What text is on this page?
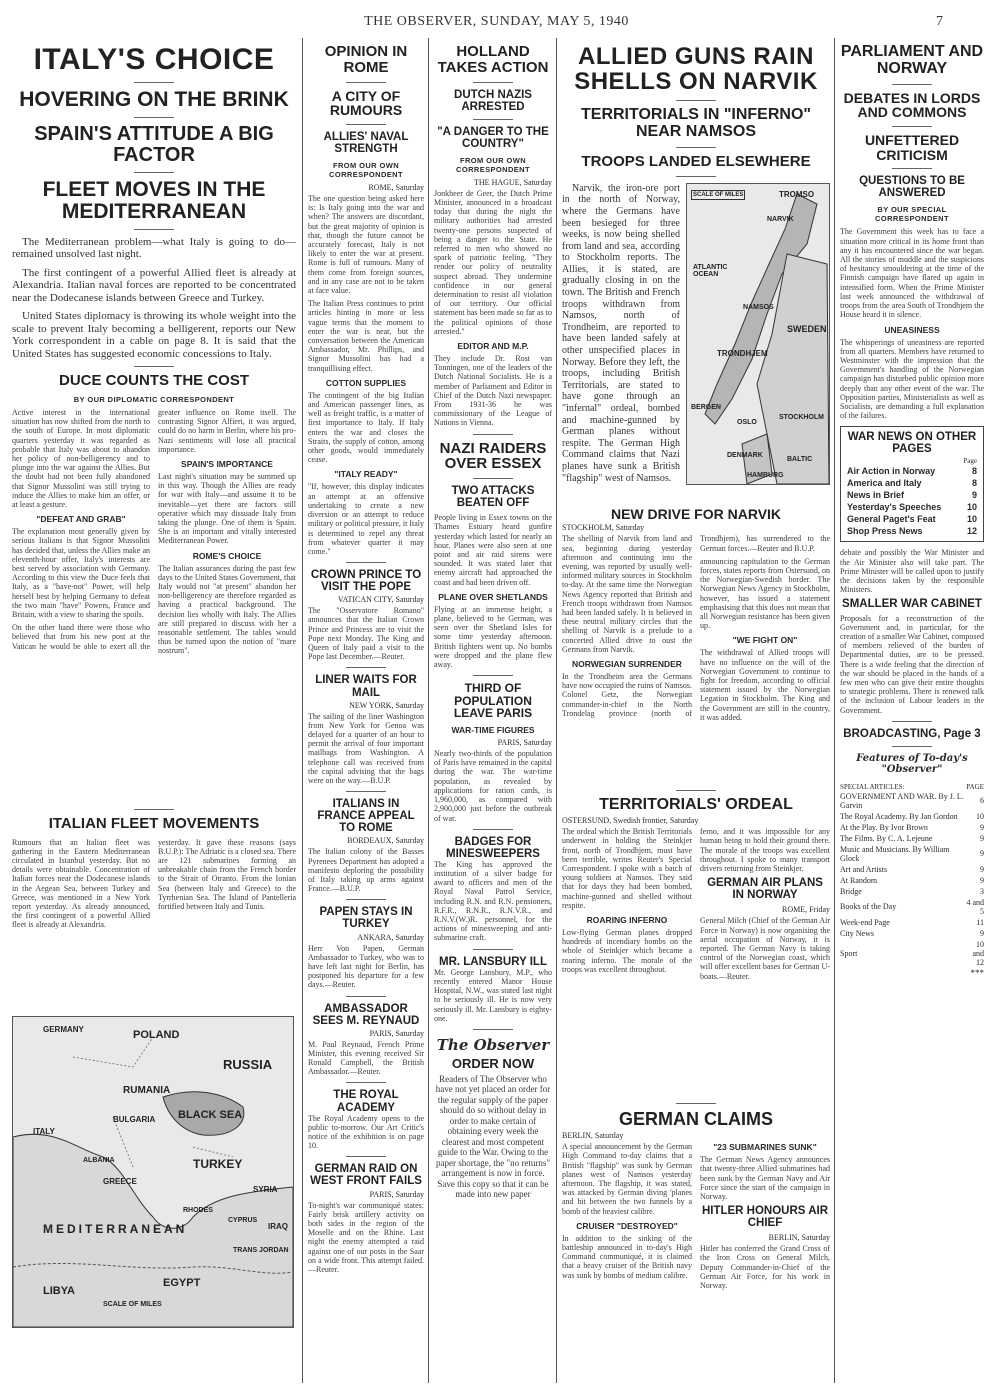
THE OBSERVER, SUNDAY, MAY 5, 1940	7
ITALY'S CHOICE
HOVERING ON THE BRINK
SPAIN'S ATTITUDE A BIG FACTOR
FLEET MOVES IN THE MEDITERRANEAN

The Mediterranean problem—what Italy is going to do—remained unsolved last night.

The first contingent of a powerful Allied fleet is already at Alexandria. Italian naval forces are reported to be concentrated near the Dodecanese islands between Greece and Turkey.

United States diplomacy is throwing its whole weight into the scale to prevent Italy becoming a belligerent, reports our New York correspondent in a cable on page 8. It is said that the United States has suggested economic concessions to Italy.

DUCE COUNTS THE COST
BY OUR DIPLOMATIC CORRESPONDENT

Active interest in the international situation has now shifted from the north to the south of Europe. In most diplomatic quarters yesterday it was regarded as probable that Italy was about to abandon her policy of non-belligerency and to plunge into the war against the Allies. But the doubt had not been fully abandoned that Signor Mussolini was still trying to induce the Allies to make him an offer, or at least a gesture.

"DEFEAT AND GRAB"

The explanation most generally given by serious Italians is that Signor Mussolini has decided that, unless the Allies make an eleventh-hour offer, Italy's interests are best served by association with Germany. According to this view the Duce feels that Italy, as a "have-not" Power, will help herself best by helping Germany to defeat the two main "have" Powers, France and Britain, with a view to sharing the spoils.

On the other hand there were those who believed that from his new post at the Vatican he would be able to exert all the greater influence on Rome itself. The contrasting Signor Alfieri, it was argued, could do no harm in Berlin, where his pro-Nazi sentiments will lose all practical importance.

SPAIN'S IMPORTANCE

Last night's situation may be summed up in this way. Though the Allies are ready for war with Italy—and assume it to be inevitable—yet there are factors still operative which may dissuade Italy from taking the plunge. One of them is Spain. She is an important and vitally interested Mediterranean Power.

ROME'S CHOICE

The Italian assurances during the past few days to the United States Government, that Italy would not "at present" abandon her non-belligerency are therefore regarded as having a practical background. The decision lies wholly with Italy. The Allies are still prepared to discuss with her a reasonable settlement. The tables would thus be turned upon the notion of "mare nostrum".

ITALIAN FLEET MOVEMENTS

Rumours that an Italian fleet was gathering in the Eastern Mediterranean circulated in Istanbul yesterday. But no details were obtainable. Concentration of Italian forces near the Dodecanese islands in the Aegean Sea, between Turkey and Greece, was mentioned in a New York report yesterday. As already announced, the first contingent of a powerful Allied fleet is already at Alexandria.

yesterday. It gave these reasons (says B.U.P.): The Adriatic is a closed sea. There are 121 submarines forming an unbreakable chain from the French border to the Strait of Otranto. From the Ionian Sea (between Italy and Greece) to the Tyrrhenian Sea. The Island of Pantelleria fortified between Italy and Tunis.

GERMANY	POLAND
RUSSIA
RUMANIA
BULGARIA BLACK SEA
TURKEY
SYRIA
GREECE
MEDITERRANEAN
LIBYA
EGYPT
ITALY
ALBANIA
RHODES
CYPRUS
TRANS JORDAN
IRAQ
SCALE OF MILES
OPINION IN ROME
A CITY OF RUMOURS
ALLIES' NAVAL STRENGTH
FROM OUR OWN CORRESPONDENT
ROME, Saturday

The one question being asked here is: Is Italy going into the war and when? The answers are discordant, but the great majority of opinion is that, though the future cannot be accurately forecast, Italy is not likely to enter the war at present. Rome is full of rumours. Many of them come from foreign sources, and in any case are not to be taken at face value.

The Italian Press continues to print articles hinting in more or less vague terms that the moment to enter the war is near, but the conversation between the American Ambassador, Mr. Phillips, and Signor Mussolini has had a tranquillising effect.

COTTON SUPPLIES

The contingent of the big Italian and American passenger lines, as well as freight traffic, is a matter of first importance to Italy. If Italy enters the war and closes the Straits, the supply of cotton, among other goods, would immediately cease.

"ITALY READY"

"If, however, this display indicates an attempt at an offensive undertaking to create a new diversion or an attempt to reduce military or political pressure, it Italy is determined to repel any threat from whatever quarter it may come."

CROWN PRINCE TO VISIT THE POPE
VATICAN CITY, Saturday

The "Osservatore Romano" announces that the Italian Crown Prince and Princess are to visit the Pope next Monday. The King and Queen of Italy paid a visit to the Pope last December.—Reuter.

LINER WAITS FOR MAIL
NEW YORK, Saturday

The sailing of the liner Washington from New York for Genoa was delayed for a quarter of an hour to permit the arrival of four important mailbags from Washington. A telephone call was received from the capital advising that the bags were on the way.—B.U.P.

ITALIANS IN FRANCE APPEAL TO ROME
BORDEAUX, Saturday

The Italian colony of the Basses Pyrenees Department has adopted a manifesto deploring the possibility of Italy taking up arms against France.—B.U.P.

PAPEN STAYS IN TURKEY
ANKARA, Saturday

Herr Von Papen, German Ambassador to Turkey, who was to have left last night for Berlin, has postponed his departure for a few days.—Reuter.

AMBASSADOR SEES M. REYNAUD
PARIS, Saturday

M. Paul Reynaud, French Prime Minister, this evening received Sir Ronald Campbell, the British Ambassador.—Reuter.

THE ROYAL ACADEMY

The Royal Academy opens to the public to-morrow. Our Art Critic's notice of the exhibition is on page 10.

GERMAN RAID ON WEST FRONT FAILS
PARIS, Saturday

To-night's war communiqué states: Fairly brisk artillery activity on both sides in the region of the Moselle and on the Rhine. Last night the enemy attempted a raid against one of our posts in the Saar on a wide front. This attempt failed.—Reuter.

HOLLAND TAKES ACTION
DUTCH NAZIS ARRESTED
"A DANGER TO THE COUNTRY"
FROM OUR OWN CORRESPONDENT
THE HAGUE, Saturday

Jonkheer de Geer, the Dutch Prime Minister, announced in a broadcast today that during the night the military authorities had arrested twenty-one persons suspected of being a danger to the State. He referred to men who showed no spark of patriotic feeling. "They render our policy of neutrality suspect abroad. They undermine confidence in our general determination to resist all violation of our territory. Our official statement has been made so far as to the political opinions of those arrested."

EDITOR AND M.P.

They include Dr. Rost van Tonningen, one of the leaders of the Dutch National Socialists. He is a member of Parliament and Editor in Chief of the Dutch Nazi newspaper. From 1931-36 he was commissionary of the League of Nations in Vienna.

NAZI RAIDERS OVER ESSEX
TWO ATTACKS BEATEN OFF

People living in Essex towns on the Thames Estuary heard gunfire yesterday which lasted for nearly an hour. Planes were also seen at one point and air raid sirens were sounded. It was stated later that enemy aircraft had approached the coast and had been driven off.

PLANE OVER SHETLANDS

Flying at an immense height, a plane, believed to be German, was seen over the Shetland Isles for some time yesterday afternoon. British fighters went up. No bombs were dropped and the plane flew away.

THIRD OF POPULATION LEAVE PARIS
WAR-TIME FIGURES
PARIS, Saturday

Nearly two-thirds of the population of Paris have remained in the capital during the war. The war-time population, as revealed by applications for ration cards, is 1,960,000, as compared with 2,900,000 just before the outbreak of war.

BADGES FOR MINESWEEPERS

The King has approved the institution of a silver badge for award to officers and men of the Royal Naval Patrol Service, including R.N. and R.N. pensioners, R.F.R., R.N.R., R.N.V.R., and R.N.V.(W.)R. personnel, for the actions of minesweeping and anti-submarine craft.

MR. LANSBURY ILL

Mr. George Lansbury, M.P., who recently entered Manor House Hospital, N.W., was stated last night to be seriously ill. He is now very seriously ill. Mr. Lansbury is eighty-one.

The Observer
ORDER NOW

Readers of The Observer who have not yet placed an order for the regular supply of the paper should do so without delay in order to make certain of obtaining every week the clearest and most competent guide to the War. Owing to the paper shortage, the "no returns" arrangement is now in force. Save this copy so that it can be made into new paper

ALLIED GUNS RAIN SHELLS ON NARVIK
TERRITORIALS IN "INFERNO" NEAR NAMSOS
TROOPS LANDED ELSEWHERE

Narvik, the iron-ore port in the north of Norway, where the Germans have been besieged for three weeks, is now being shelled from land and sea, according to Stockholm reports. The Allies, it is stated, are gradually closing in on the town. The British and French troops withdrawn from Namsos, north of Trondheim, are reported to have been landed safely at other unspecified places in Norway. Before they left, the troops, including British Territorials, are stated to have gone through an "infernal" ordeal, bombed and machine-gunned by German planes without respite. The German High Command claims that Nazi planes have sunk a British "flagship" west of Namsos.

SCALE OF MILES	TROMSO
NARVIK
ATLANTIC OCEAN
NAMSOS
TRONDHJEM
SWEDEN
BERGEN
OSLO
STOCKHOLM
DENMARK
HAMBURG
BALTIC
NEW DRIVE FOR NARVIK
STOCKHOLM, Saturday

The shelling of Narvik from land and sea, beginning during yesterday afternoon and continuing into the evening, was reported by usually well-informed military sources in Stockholm to-day. At the same time the Norwegian News Agency reported that British and French troops withdrawn from Namsos had been landed safely. It is believed in these neutral military circles that the shelling of Narvik is a prelude to a concerted Allied drive to oust the Germans from Narvik.

NORWEGIAN SURRENDER

In the Trondheim area the Germans have now occupied the ruins of Namsos. Colonel Getz, the Norwegian commander-in-chief in the North Trondelag province (north of Trondhjem), has surrendered to the German forces.—Reuter and B.U.P.

announcing capitulation to the German forces, states reports from Ostersund, on the Norwegian-Swedish border. The Norwegian News Agency in Stockholm, however, has issued a statement emphasising that this does not mean that all Norwegian resistance has been given up.

"WE FIGHT ON"

The withdrawal of Allied troops will have no influence on the will of the Norwegian Government to continue to fight for freedom, according to official statement issued by the Norwegian Legation in Stockholm. The King and the Government are still in the country, it was added.

TERRITORIALS' ORDEAL
OSTERSUND, Swedish frontier, Saturday

The ordeal which the British Territorials underwent in holding the Steinkjer front, north of Trondhjem, must have been terrible, writes Reuter's Special Correspondent. I spoke with a batch of young soldiers at Namsos. They said that for days they had been bombed, machine-gunned and shelled without respite.

ROARING INFERNO

Low-flying German planes dropped hundreds of incendiary bombs on the whole of Steinkjer which became a roaring inferno. The morale of the troops was excellent throughout.

ferno, and it was impossible for any human being to hold their ground there. The morale of the troops was excellent throughout. I spoke to many transport drivers returning from Steinkjer.

GERMAN AIR PLANS IN NORWAY
ROME, Friday

General Milch (Chief of the German Air Force in Norway) is now organising the aerial occupation of Norway, it is reported. The German Navy is taking control of the Norwegian coast, which will offer excellent bases for German U-boats.—Reuter.

GERMAN CLAIMS
BERLIN, Saturday

A special announcement by the German High Command to-day claims that a British "flagship" was sunk by German planes west of Namsos yesterday afternoon. The flagship, it was stated, was attacked by German diving 'planes and hit between the two funnels by a bomb of the heaviest calibre.

CRUISER "DESTROYED"

In addition to the sinking of the battleship announced in to-day's High Command communiqué, it is claimed that a heavy cruiser of the British navy was sunk by bombs of medium calibre.

"23 SUBMARINES SUNK"

The German News Agency announces that twenty-three Allied submarines had been sunk by the German Navy and Air Force since the start of the campaign in Norway.

HITLER HONOURS AIR CHIEF
BERLIN, Saturday

Hitler has conferred the Grand Cross of the Iron Cross on General Milch, Deputy Commander-in-Chief of the German Air Force, for his work in Norway.

PARLIAMENT AND NORWAY
DEBATES IN LORDS AND COMMONS
UNFETTERED CRITICISM
QUESTIONS TO BE ANSWERED
BY OUR SPECIAL CORRESPONDENT

The Government this week has to face a situation more critical in its home front than any it has encountered since the war began. All the stories of muddle and the suspicions of hesitancy smouldering at the time of the Finnish campaign have flared up again in intensified form. When the Prime Minister last week announced the withdrawal of troops from the area South of Trondhjem the House heard it in silence.

UNEASINESS

The whisperings of uneasiness are reported from all quarters. Members have returned to Westminster with the impression that the Government's handling of the Norwegian campaign has disturbed public opinion more deeply than any other event of the war. The Opposition parties, Ministerialists as well as Socialists, are demanding a full explanation of the failures.

WAR NEWS ON OTHER PAGES
Page
Air Action in Norway	8
America and Italy	8
News in Brief	9
Yesterday's Speeches	10
General Paget's Feat	10
Shop Press News	12

debate and possibly the War Minister and the Air Minister also will take part. The Prime Minister will be called upon to justify the decisions taken by the responsible Ministers.

SMALLER WAR CABINET

Proposals for a reconstruction of the Government and, in particular, for the creation of a smaller War Cabinet, composed of members relieved of the burden of Departmental duties, are to be pressed. There is a wide feeling that the direction of the war should be placed in the hands of a few men who can give their entire thoughts to strategic problems. There is renewed talk of the inclusion of Labour leaders in the Government.

BROADCASTING, Page 3
Features of To-day's "Observer"
SPECIAL ARTICLES:	PAGE
GOVERNMENT AND WAR. By J. L. Garvin	6
The Royal Academy. By Jan Gordon	10
At the Play. By Ivor Brown	9
The Films. By C. A. Lejeune	9
Music and Musicians. By William Glock	9
Art and Artists	9
At Random	9
Bridge	3
Books of the Day	4 and 5
Week-end Page	11
City News	9
Sport	10 and 12
***
